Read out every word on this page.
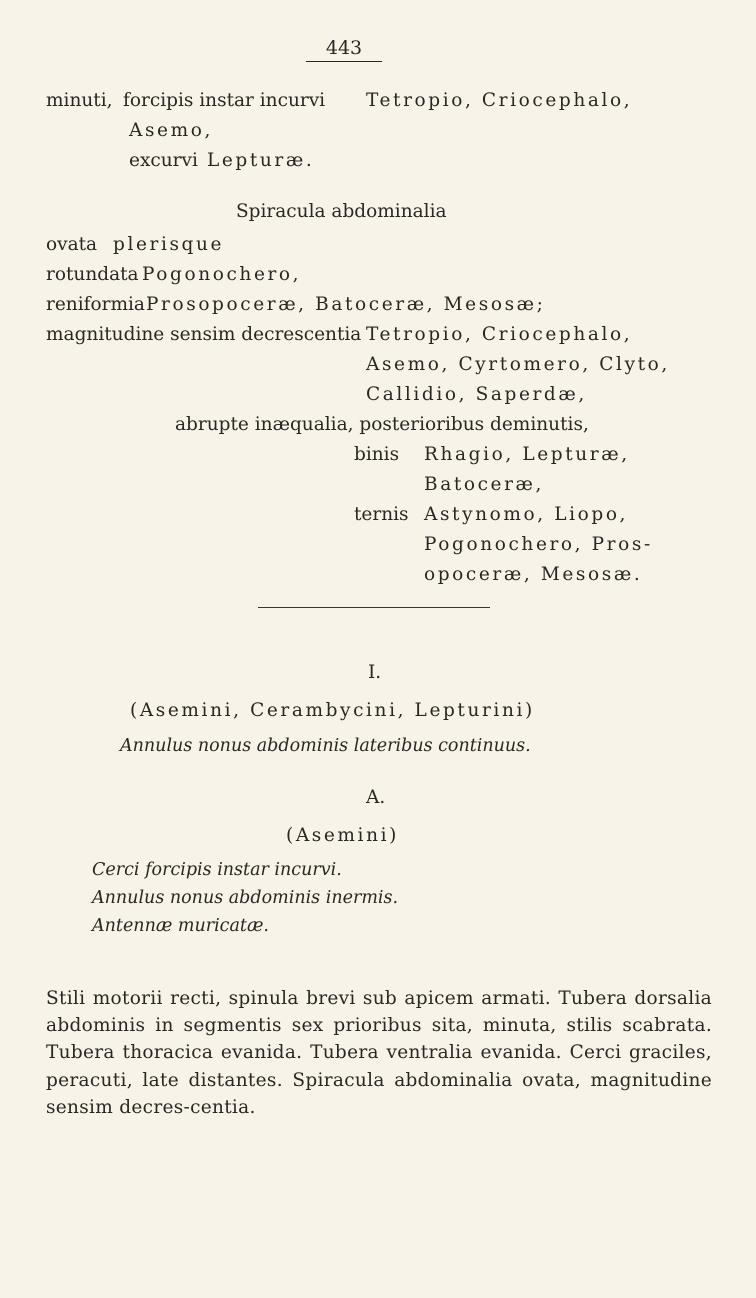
443
minuti, forcipis instar incurvi Tetropio, Criocephalo,
Asemo,
excurvi Lepturæ.
Spiracula abdominalia
ovata plerisque
rotundata Pogonochero,
reniformia Prosopoceræ, Batoceræ, Mesosæ;
magnitudine sensim decrescentia Tetropio, Criocephalo,
Asemo, Cyrtomero, Clyto,
Callidio, Saperdæ,
abrupte inæqualia, posterioribus deminutis,
binis Rhagio, Lepturæ,
Batoceræ,
ternis Astynomo, Liopo,
Pogonochero, Pros-
opoceræ, Mesosæ.
I.
(Asemini, Cerambycini, Lepturini)
Annulus nonus abdominis lateribus continuus.
A.
(Asemini)
Cerci forcipis instar incurvi.
Annulus nonus abdominis inermis.
Antennæ muricatæ.
Stili motorii recti, spinula brevi sub apicem armati. Tubera dorsalia abdominis in segmentis sex prioribus sita, minuta, stilis scabrata. Tubera thoracica evanida. Tubera ventralia evanida. Cerci graciles, peracuti, late distantes. Spiracula abdominalia ovata, magnitudine sensim decres-centia.
